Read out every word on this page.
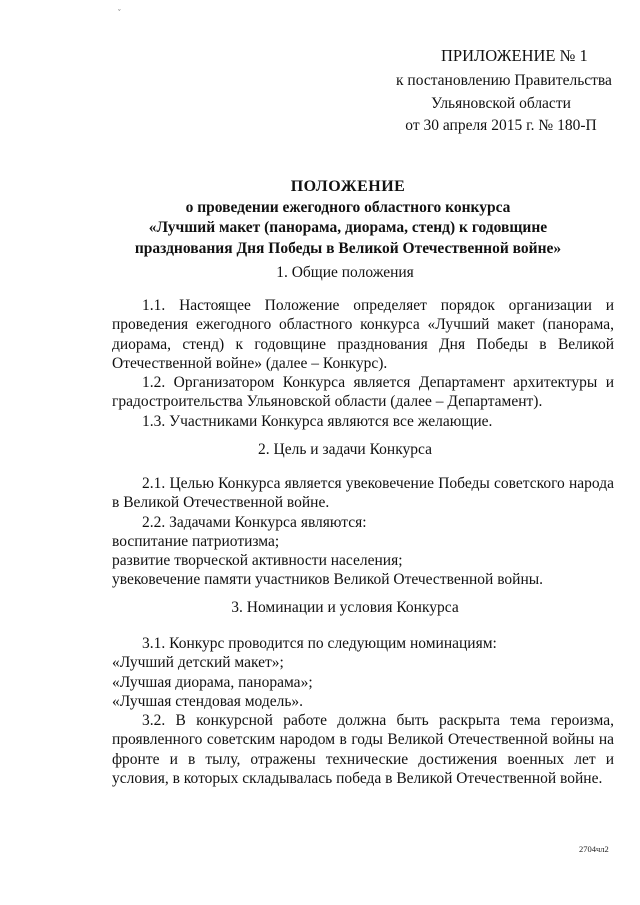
ˇ
ПРИЛОЖЕНИЕ № 1
к постановлению Правительства
Ульяновской области
от 30 апреля 2015 г. № 180-П
ПОЛОЖЕНИЕ
о проведении ежегодного областного конкурса
«Лучший макет (панорама, диорама, стенд) к годовщине
празднования Дня Победы в Великой Отечественной войне»
1. Общие положения

1.1. Настоящее Положение определяет порядок организации и проведения ежегодного областного конкурса «Лучший макет (панорама, диорама, стенд) к годовщине празднования Дня Победы в Великой Отечественной войне» (далее – Конкурс).

1.2. Организатором Конкурса является Департамент архитектуры и градостроительства Ульяновской области (далее – Департамент).

1.3. Участниками Конкурса являются все желающие.

2. Цель и задачи Конкурса

2.1. Целью Конкурса является увековечение Победы советского народа в Великой Отечественной войне.

2.2. Задачами Конкурса являются:

воспитание патриотизма;

развитие творческой активности населения;

увековечение памяти участников Великой Отечественной войны.

3. Номинации и условия Конкурса

3.1. Конкурс проводится по следующим номинациям:

«Лучший детский макет»;

«Лучшая диорама, панорама»;

«Лучшая стендовая модель».

3.2. В конкурсной работе должна быть раскрыта тема героизма, проявленного советским народом в годы Великой Отечественной войны на фронте и в тылу, отражены технические достижения военных лет и условия, в которых складывалась победа в Великой Отечественной войне.

2704чл2
